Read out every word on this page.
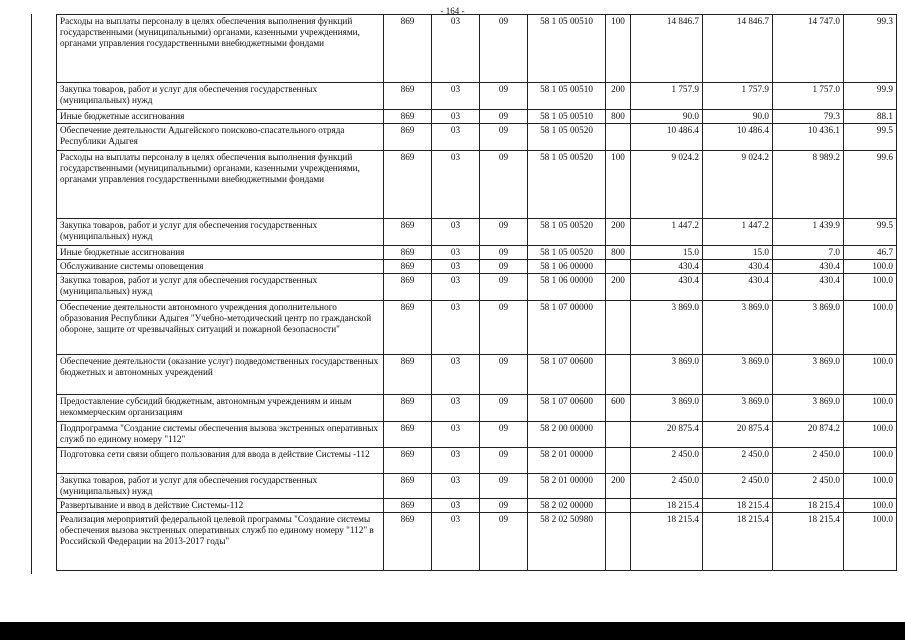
- 164 -
Расходы на выплаты персоналу в целях обеспечения выполнения функций государственными (муниципальными) органами, казенными учреждениями, органами управления государственными внебюджетными фондами	869	03	09	58 1 05 00510	100	14 846.7	14 846.7	14 747.0	99.3
Закупка товаров, работ и услуг для обеспечения государственных (муниципальных) нужд	869	03	09	58 1 05 00510	200	1 757.9	1 757.9	1 757.0	99.9
Иные бюджетные ассигнования	869	03	09	58 1 05 00510	800	90.0	90.0	79.3	88.1
Обеспечение деятельности Адыгейского поисково-спасательного отряда Республики Адыгея	869	03	09	58 1 05 00520		10 486.4	10 486.4	10 436.1	99.5
Расходы на выплаты персоналу в целях обеспечения выполнения функций государственными (муниципальными) органами, казенными учреждениями, органами управления государственными внебюджетными фондами	869	03	09	58 1 05 00520	100	9 024.2	9 024.2	8 989.2	99.6
Закупка товаров, работ и услуг для обеспечения государственных (муниципальных) нужд	869	03	09	58 1 05 00520	200	1 447.2	1 447.2	1 439.9	99.5
Иные бюджетные ассигнования	869	03	09	58 1 05 00520	800	15.0	15.0	7.0	46.7
Обслуживание системы оповещения	869	03	09	58 1 06 00000		430.4	430.4	430.4	100.0
Закупка товаров, работ и услуг для обеспечения государственных (муниципальных) нужд	869	03	09	58 1 06 00000	200	430.4	430.4	430.4	100.0
Обеспечение деятельности автономного учреждения дополнительного образования Республики Адыгея "Учебно-методический центр по гражданской обороне, защите от чрезвычайных ситуаций и пожарной безопасности"	869	03	09	58 1 07 00000		3 869.0	3 869.0	3 869.0	100.0
Обеспечение деятельности (оказание услуг) подведомственных государственных бюджетных и автономных учреждений	869	03	09	58 1 07 00600		3 869.0	3 869.0	3 869.0	100.0
Предоставление субсидий бюджетным, автономным учреждениям и иным некоммерческим организациям	869	03	09	58 1 07 00600	600	3 869.0	3 869.0	3 869.0	100.0
Подпрограмма "Создание системы обеспечения вызова экстренных оперативных служб по единому номеру "112"	869	03	09	58 2 00 00000		20 875.4	20 875.4	20 874.2	100.0
Подготовка сети связи общего пользования для ввода в действие Системы -112	869	03	09	58 2 01 00000		2 450.0	2 450.0	2 450.0	100.0
Закупка товаров, работ и услуг для обеспечения государственных (муниципальных) нужд	869	03	09	58 2 01 00000	200	2 450.0	2 450.0	2 450.0	100.0
Развертывание и ввод в действие Системы-112	869	03	09	58 2 02 00000		18 215.4	18 215.4	18 215.4	100.0
Реализация мероприятий федеральной целевой программы "Создание системы обеспечения вызова экстренных оперативных служб по единому номеру "112" в Российской Федерации на 2013-2017 годы"	869	03	09	58 2 02 50980		18 215.4	18 215.4	18 215.4	100.0
